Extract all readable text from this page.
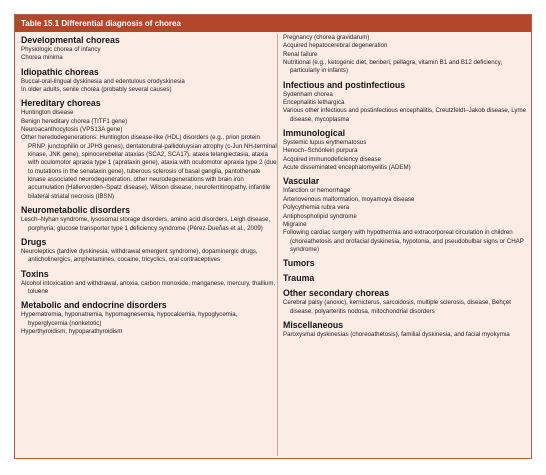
Table 15.1 Differential diagnosis of chorea
Developmental choreas
Physiologic chorea of infancy
Chorea minima
Idiopathic choreas
Buccal-oral-lingual dyskinesia and edentulous orodyskinesia
In older adults, senile chorea (probably several causes)
Hereditary choreas
Huntington disease
Benign hereditary chorea (TITF1 gene)
Neuroacanthocytosis (VPS13A gene)
Other heredodegenerations: Huntington disease-like (HDL) disorders (e.g., prion protein PRNP, junctophilin or JPH3 genes), dentatorubral-pallidoluysian atrophy (c-Jun NH-terminal kinase, JNK gene), spinocerebellar ataxias (SCA2, SCA17), ataxia telangiectasia, ataxia with oculomotor apraxia type 1 (aprataxin gene), ataxia with oculomotor apraxia type 2 (due to mutations in the senataxin gene), tuberous sclerosis of basal ganglia, pantothenate kinase associated neurodegeneration, other neurodegenerations with brain iron accumulation (Hallervorden–Spatz disease), Wilson disease, neuroferritinopathy, infantile bilateral striatal necrosis (IBSN)
Neurometabolic disorders
Lesch–Nyhan syndrome, lysosomal storage disorders, amino acid disorders, Leigh disease, porphyria; glucose transporter type 1 deficiency syndrome (Pérez-Dueñas et al., 2009)
Drugs
Neuroleptics (tardive dyskinesia, withdrawal emergent syndrome), dopaminergic drugs, anticholinergics, amphetamines, cocaine, tricyclics, oral contraceptives
Toxins
Alcohol intoxication and withdrawal, anoxia, carbon monoxide, manganese, mercury, thallium, toluene
Metabolic and endocrine disorders
Hypernatremia, hyponatremia, hypomagnesemia, hypocalcemia, hypoglycemia, hyperglycemia (nonketotic)
Hyperthyroidism, hypoparathyroidism
Pregnancy (chorea gravidarum)
Acquired hepatocerebral degeneration
Renal failure
Nutritional (e.g., ketogenic diet, beriberi, pellagra, vitamin B1 and B12 deficiency, particularly in infants)
Infectious and postinfectious
Sydenham chorea
Encephalitis lethargica
Various other infectious and postinfectious encephalitis, Creutzfeldt–Jakob disease, Lyme disease, mycoplasma
Immunological
Systemic lupus erythematosus
Henoch–Schönlein purpura
Acquired immunodeficiency disease
Acute disseminated encephalomyelitis (ADEM)
Vascular
Infarction or hemorrhage
Arteriovenous malformation, moyamoya disease
Polycythemia rubra vera
Antiphospholipid syndrome
Migraine
Following cardiac surgery with hypothermia and extracorporeal circulation in children (choreathetosis and orofacial dyskinesia, hypotonia, and pseudobulbar signs or CHAP syndrome)
Tumors
Trauma
Other secondary choreas
Cerebral palsy (anoxic), kernicterus, sarcoidosis, multiple sclerosis, disease, Behçet disease, polyarteritis nodosa, mitochondrial disorders
Miscellaneous
Paroxysmal dyskinesias (choreoathetosis), familial dyskinesia, and facial myokymia
